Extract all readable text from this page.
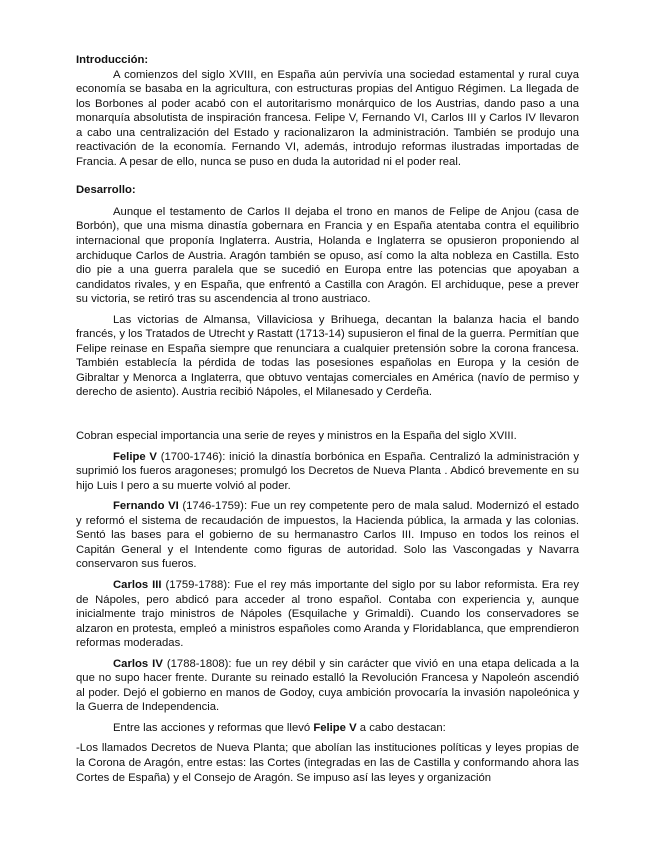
Introducción:

A comienzos del siglo XVIII, en España aún pervivía una sociedad estamental y rural cuya economía se basaba en la agricultura, con estructuras propias del Antiguo Régimen. La llegada de los Borbones al poder acabó con el autoritarismo monárquico de los Austrias, dando paso a una monarquía absolutista de inspiración francesa. Felipe V, Fernando VI, Carlos III y Carlos IV llevaron a cabo una centralización del Estado y racionalizaron la administración. También se produjo una reactivación de la economía. Fernando VI, además, introdujo reformas ilustradas importadas de Francia. A pesar de ello, nunca se puso en duda la autoridad ni el poder real.

Desarrollo:

Aunque el testamento de Carlos II dejaba el trono en manos de Felipe de Anjou (casa de Borbón), que una misma dinastía gobernara en Francia y en España atentaba contra el equilibrio internacional que proponía Inglaterra. Austria, Holanda e Inglaterra se opusieron proponiendo al archiduque Carlos de Austria. Aragón también se opuso, así como la alta nobleza en Castilla. Esto dio pie a una guerra paralela que se sucedió en Europa entre las potencias que apoyaban a candidatos rivales, y en España, que enfrentó a Castilla con Aragón. El archiduque, pese a prever su victoria, se retiró tras su ascendencia al trono austriaco.

Las victorias de Almansa, Villaviciosa y Brihuega, decantan la balanza hacia el bando francés, y los Tratados de Utrecht y Rastatt (1713-14) supusieron el final de la guerra. Permitían que Felipe reinase en España siempre que renunciara a cualquier pretensión sobre la corona francesa. También establecía la pérdida de todas las posesiones españolas en Europa y la cesión de Gibraltar y Menorca a Inglaterra, que obtuvo ventajas comerciales en América (navío de permiso y derecho de asiento). Austria recibió Nápoles, el Milanesado y Cerdeña.

Cobran especial importancia una serie de reyes y ministros en la España del siglo XVIII.

Felipe V (1700-1746): inició la dinastía borbónica en España. Centralizó la administración y suprimió los fueros aragoneses; promulgó los Decretos de Nueva Planta . Abdicó brevemente en su hijo Luis I pero a su muerte volvió al poder.

Fernando VI (1746-1759): Fue un rey competente pero de mala salud. Modernizó el estado y reformó el sistema de recaudación de impuestos, la Hacienda pública, la armada y las colonias. Sentó las bases para el gobierno de su hermanastro Carlos III. Impuso en todos los reinos el Capitán General y el Intendente como figuras de autoridad. Solo las Vascongadas y Navarra conservaron sus fueros.

Carlos III (1759-1788): Fue el rey más importante del siglo por su labor reformista. Era rey de Nápoles, pero abdicó para acceder al trono español. Contaba con experiencia y, aunque inicialmente trajo ministros de Nápoles (Esquilache y Grimaldi). Cuando los conservadores se alzaron en protesta, empleó a ministros españoles como Aranda y Floridablanca, que emprendieron reformas moderadas.

Carlos IV (1788-1808): fue un rey débil y sin carácter que vivió en una etapa delicada a la que no supo hacer frente. Durante su reinado estalló la Revolución Francesa y Napoleón ascendió al poder. Dejó el gobierno en manos de Godoy, cuya ambición provocaría la invasión napoleónica y la Guerra de Independencia.

Entre las acciones y reformas que llevó Felipe V a cabo destacan:

-Los llamados Decretos de Nueva Planta; que abolían las instituciones políticas y leyes propias de la Corona de Aragón, entre estas: las Cortes (integradas en las de Castilla y conformando ahora las Cortes de España) y el Consejo de Aragón. Se impuso así las leyes y organización
